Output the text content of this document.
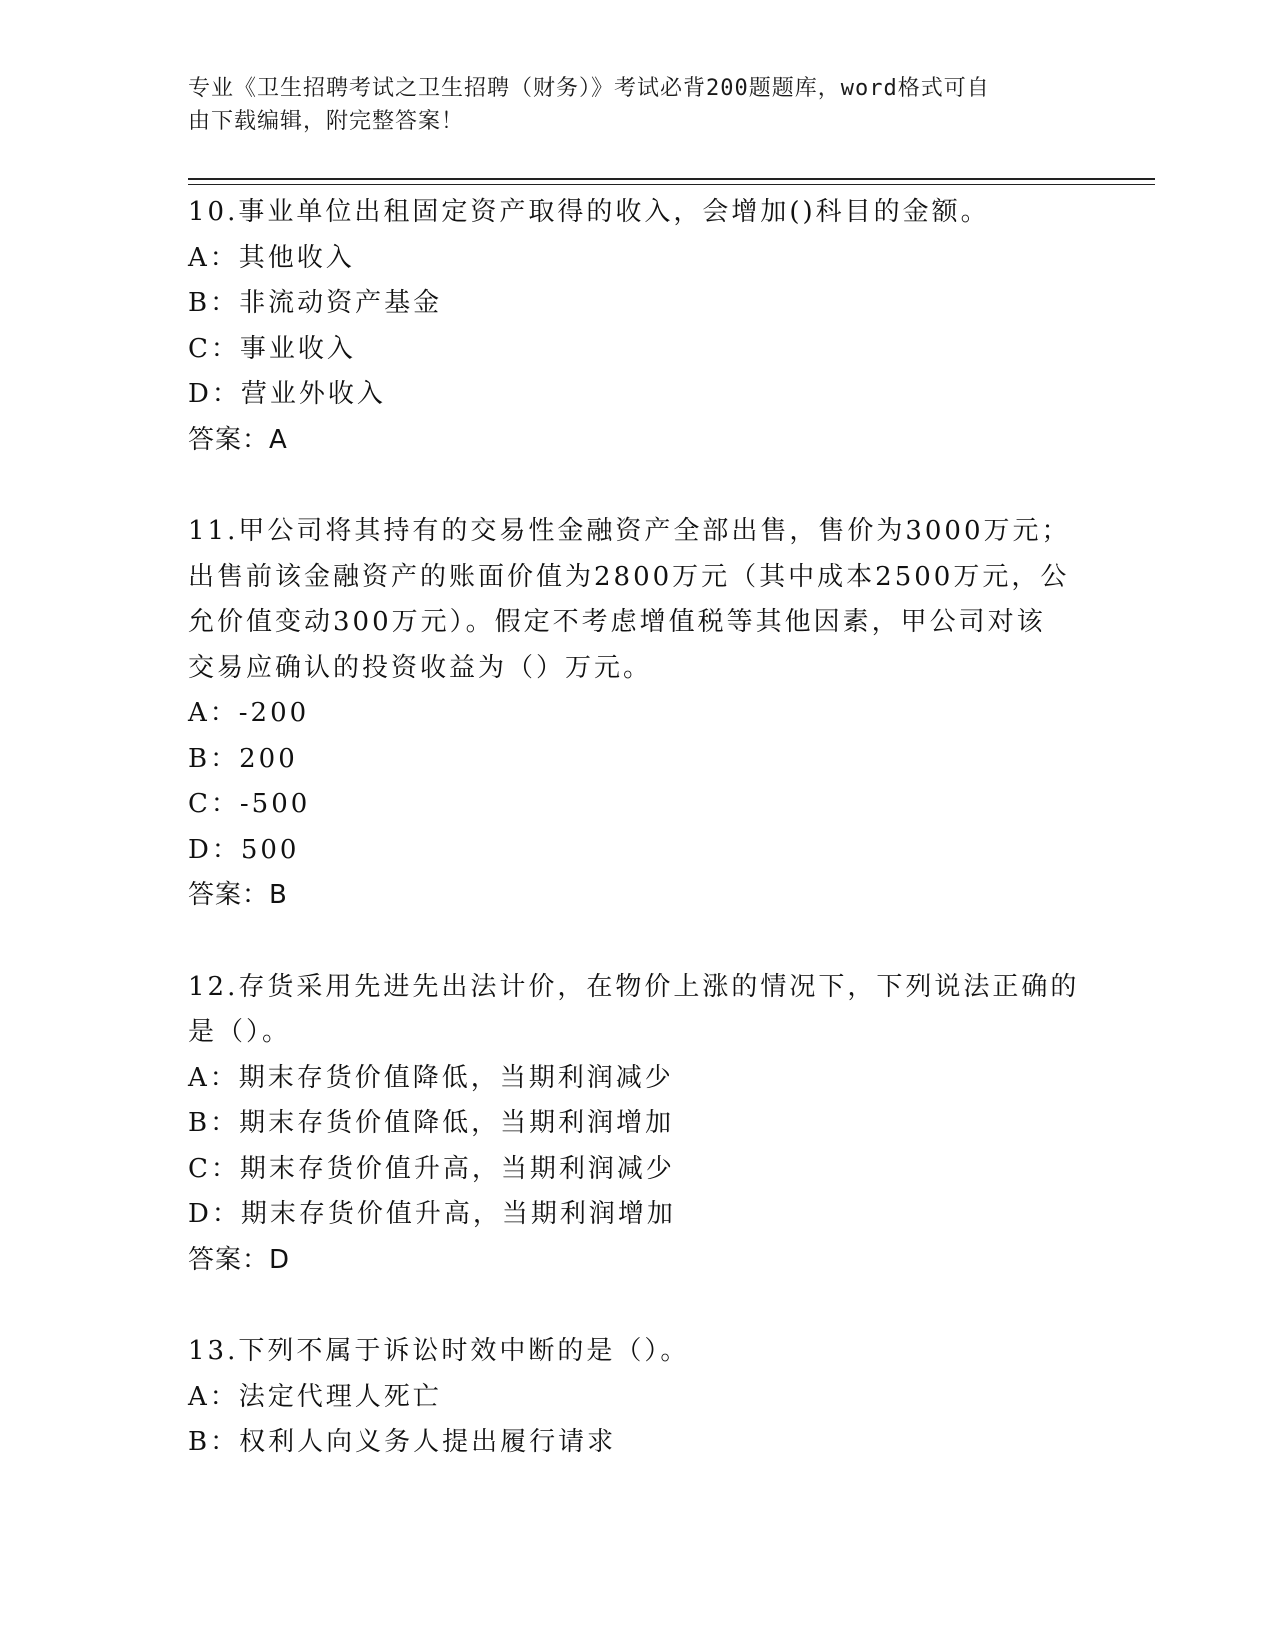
专业《卫生招聘考试之卫生招聘（财务）》考试必背200题题库，word格式可自
由下载编辑，附完整答案！
10.事业单位出租固定资产取得的收入，会增加()科目的金额。
A：其他收入
B：非流动资产基金
C：事业收入
D：营业外收入
答案：A
11.甲公司将其持有的交易性金融资产全部出售，售价为3000万元；
出售前该金融资产的账面价值为2800万元（其中成本2500万元，公
允价值变动300万元）。假定不考虑增值税等其他因素，甲公司对该
交易应确认的投资收益为（）万元。
A：-200
B：200
C：-500
D：500
答案：B
12.存货采用先进先出法计价，在物价上涨的情况下，下列说法正确的
是（）。
A：期末存货价值降低，当期利润减少
B：期末存货价值降低，当期利润增加
C：期末存货价值升高，当期利润减少
D：期末存货价值升高，当期利润增加
答案：D
13.下列不属于诉讼时效中断的是（）。
A：法定代理人死亡
B：权利人向义务人提出履行请求
